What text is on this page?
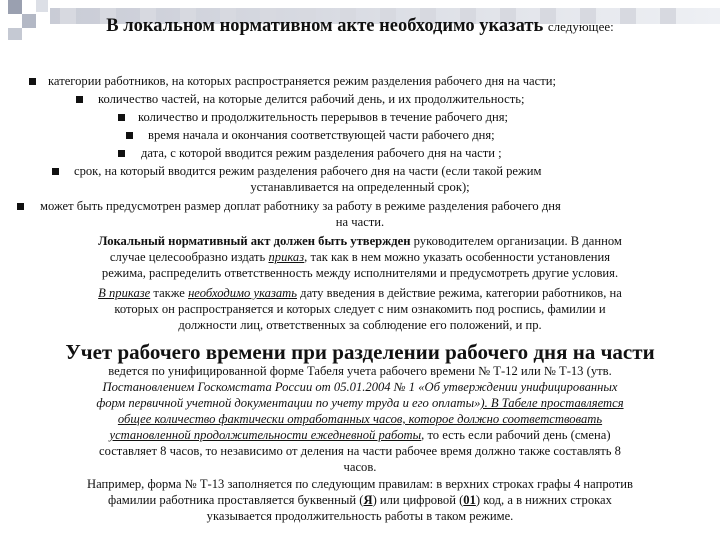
В локальном нормативном акте необходимо указать следующее:
категории работников, на которых распространяется режим разделения рабочего дня на части;
количество частей, на которые делится рабочий день, и их продолжительность;
количество и продолжительность перерывов в течение рабочего дня;
время начала и окончания соответствующей части рабочего дня;
дата, с которой вводится режим разделения рабочего дня на части ;
срок, на который вводится режим разделения рабочего дня на части (если такой режим
устанавливается на определенный срок);
может быть предусмотрен размер доплат работнику за работу в режиме разделения рабочего дня
на части.
Локальный нормативный акт должен быть утвержден руководителем организации. В данном
случае целесообразно издать приказ, так как в нем можно указать особенности установления
режима, распределить ответственность между исполнителями и предусмотреть другие условия.
В приказе также необходимо указать дату введения в действие режима, категории работников, на
которых он распространяется и которых следует с ним ознакомить под роспись, фамилии и
должности лиц, ответственных за соблюдение его положений, и пр.
Учет рабочего времени при разделении рабочего дня на части
ведется по унифицированной форме Табеля учета рабочего времени № Т-12 или № Т-13 (утв.
Постановлением Госкомстата России от 05.01.2004 № 1 «Об утверждении унифицированных
форм первичной учетной документации по учету труда и его оплаты»). В Табеле проставляется
общее количество фактически отработанных часов, которое должно соответствовать
установленной продолжительности ежедневной работы, то есть если рабочий день (смена)
составляет 8 часов, то независимо от деления на части рабочее время должно также составлять 8
часов.
Например, форма № Т-13 заполняется по следующим правилам: в верхних строках графы 4 напротив
фамилии работника проставляется буквенный (Я) или цифровой (01) код, а в нижних строках
указывается продолжительность работы в таком режиме.
